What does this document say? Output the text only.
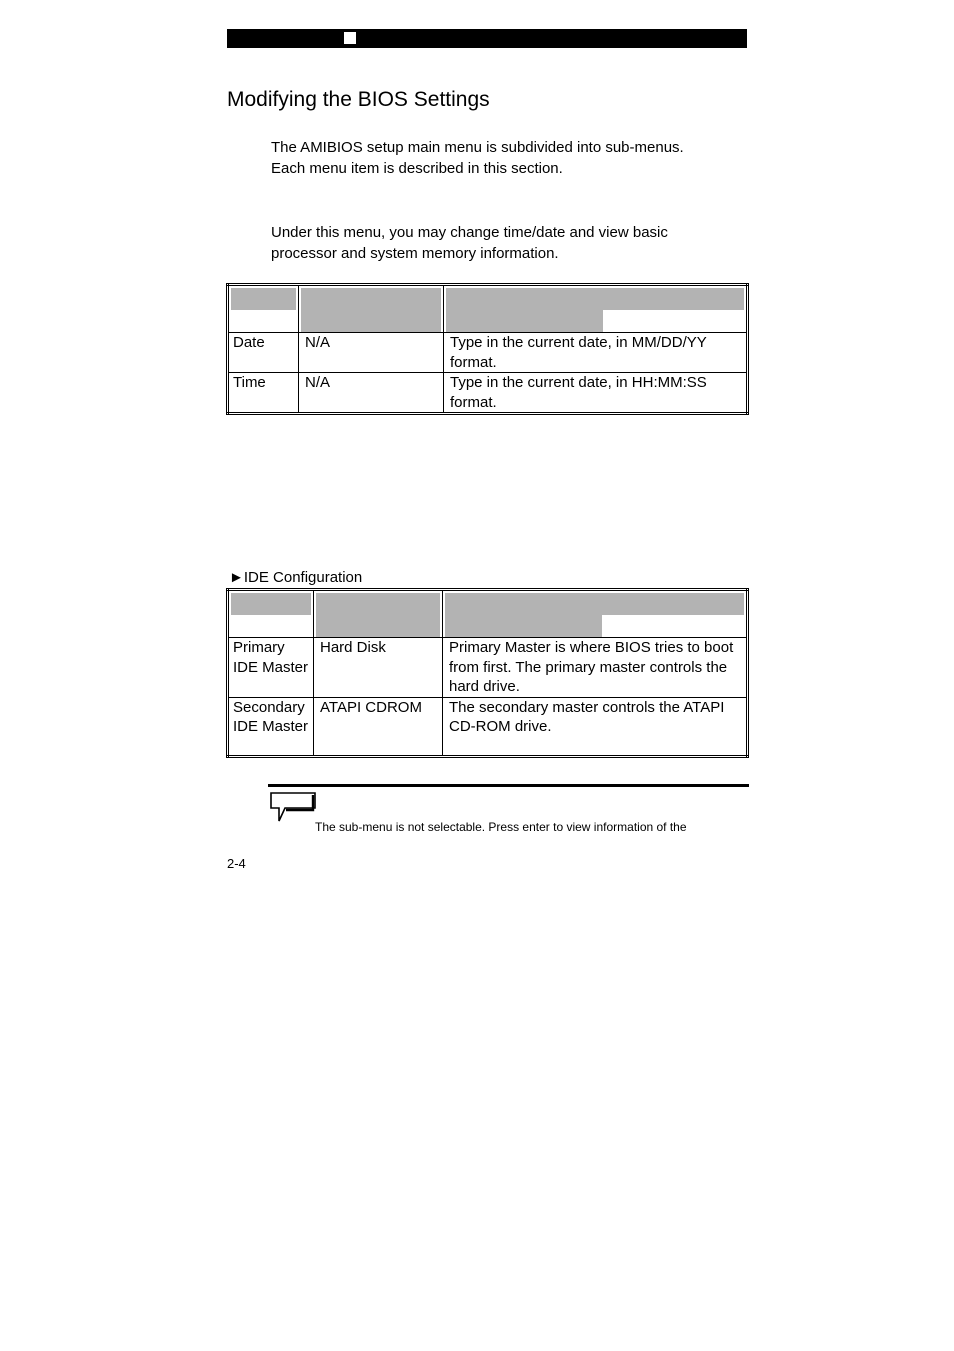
Modifying the BIOS Settings

The AMIBIOS setup main menu is subdivided into sub-menus.
Each menu item is described in this section.

Under this menu, you may change time/date and view basic
processor and system memory information.

Date	N/A	Type in the current date, in MM/DD/YY format.
Time	N/A	Type in the current date, in HH:MM:SS format.

►IDE Configuration

Primary IDE Master	Hard Disk	Primary Master is where BIOS tries to boot from first. The primary master controls the hard drive.
Secondary IDE Master	ATAPI CDROM	The secondary master controls the ATAPI CD-ROM drive.

The sub-menu is not selectable. Press enter to view information of the

2-4
